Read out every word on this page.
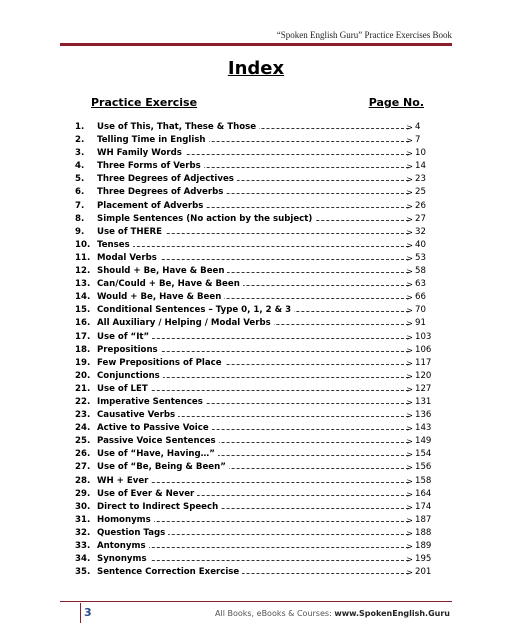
“Spoken English Guru” Practice Exercises Book
Index
Practice Exercise	Page No.
1. Use of This, That, These & Those	> 4
2. Telling Time in English	> 7
3. WH Family Words	> 10
4. Three Forms of Verbs	> 14
5. Three Degrees of Adjectives	> 23
6. Three Degrees of Adverbs	> 25
7. Placement of Adverbs	> 26
8. Simple Sentences (No action by the subject)	> 27
9. Use of THERE	> 32
10. Tenses	> 40
11. Modal Verbs	> 53
12. Should + Be, Have & Been	> 58
13. Can/Could + Be, Have & Been	> 63
14. Would + Be, Have & Been	> 66
15. Conditional Sentences – Type 0, 1, 2 & 3	> 70
16. All Auxiliary / Helping / Modal Verbs	> 91
17. Use of “It”	> 103
18. Prepositions	> 106
19. Few Prepositions of Place	> 117
20. Conjunctions	> 120
21. Use of LET	> 127
22. Imperative Sentences	> 131
23. Causative Verbs	> 136
24. Active to Passive Voice	> 143
25. Passive Voice Sentences	> 149
26. Use of “Have, Having…”	> 154
27. Use of “Be, Being & Been”	> 156
28. WH + Ever	> 158
29. Use of Ever & Never	> 164
30. Direct to Indirect Speech	> 174
31. Homonyms	> 187
32. Question Tags	> 188
33. Antonyms	> 189
34. Synonyms	> 195
35. Sentence Correction Exercise	> 201
3	All Books, eBooks & Courses: www.SpokenEnglish.Guru
